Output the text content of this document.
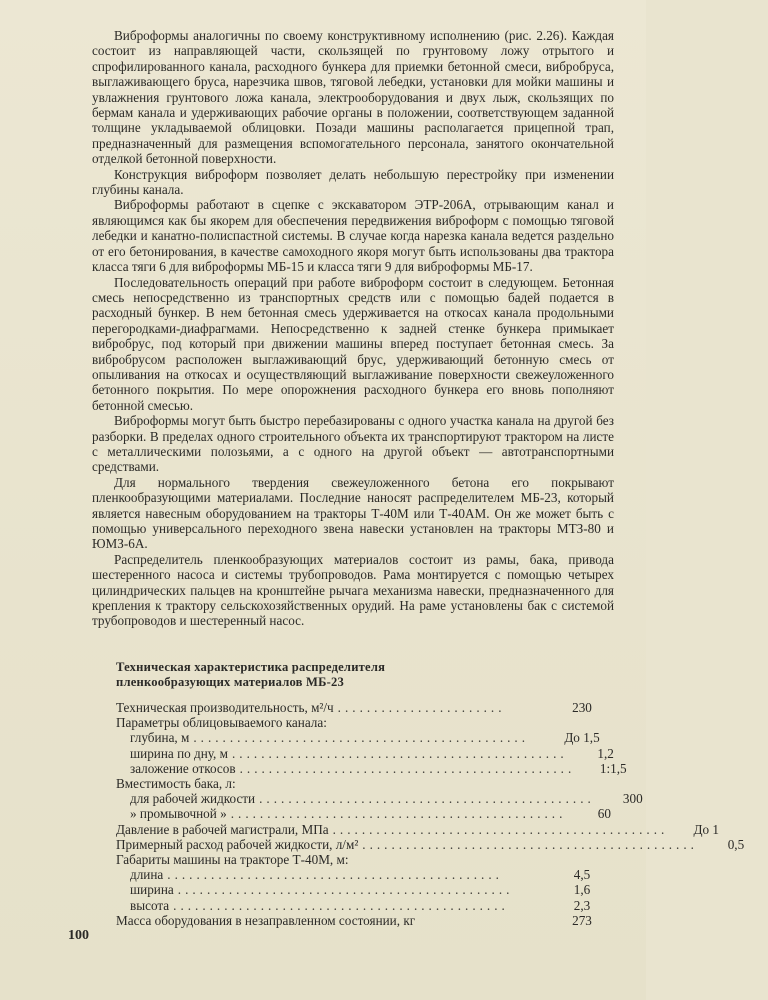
Виброформы аналогичны по своему конструктивному исполнению (рис. 2.26). Каждая состоит из направляющей части, скользящей по грунтовому ложу отрытого и спрофилированного канала, расходного бункера для приемки бетонной смеси, вибробруса, выглаживающего бруса, нарезчика швов, тяговой лебедки, установки для мойки машины и увлажнения грунтового ложа канала, электрооборудования и двух лыж, скользящих по бермам канала и удерживающих рабочие органы в положении, соответствующем заданной толщине укладываемой облицовки. Позади машины располагается прицепной трап, предназначенный для размещения вспомогательного персонала, занятого окончательной отделкой бетонной поверхности.

Конструкция виброформ позволяет делать небольшую перестройку при изменении глубины канала.

Виброформы работают в сцепке с экскаватором ЭТР-206А, отрывающим канал и являющимся как бы якорем для обеспечения передвижения виброформ с помощью тяговой лебедки и канатно-полиспастной системы. В случае когда нарезка канала ведется раздельно от его бетонирования, в качестве самоходного якоря могут быть использованы два трактора класса тяги 6 для виброформы МБ-15 и класса тяги 9 для виброформы МБ-17.

Последовательность операций при работе виброформ состоит в следующем. Бетонная смесь непосредственно из транспортных средств или с помощью бадей подается в расходный бункер. В нем бетонная смесь удерживается на откосах канала продольными перегородками-диафрагмами. Непосредственно к задней стенке бункера примыкает вибробрус, под который при движении машины вперед поступает бетонная смесь. За вибробрусом расположен выглаживающий брус, удерживающий бетонную смесь от опыливания на откосах и осуществляющий выглаживание поверхности свежеуложенного бетонного покрытия. По мере опорожнения расходного бункера его вновь пополняют бетонной смесью.

Виброформы могут быть быстро перебазированы с одного участка канала на другой без разборки. В пределах одного строительного объекта их транспортируют трактором на листе с металлическими полозьями, а с одного на другой объект — автотранспортными средствами.

Для нормального твердения свежеуложенного бетона его покрывают пленкообразующими материалами. Последние наносят распределителем МБ-23, который является навесным оборудованием на тракторы Т-40М или Т-40АМ. Он же может быть с помощью универсального переходного звена навески установлен на тракторы МТЗ-80 и ЮМЗ-6А.

Распределитель пленкообразующих материалов состоит из рамы, бака, привода шестеренного насоса и системы трубопроводов. Рама монтируется с помощью четырех цилиндрических пальцев на кронштейне рычага механизма навески, предназначенного для крепления к трактору сельскохозяйственных орудий. На раме установлены бак с системой трубопроводов и шестеренный насос.

Техническая характеристика распределителя
пленкообразующих материалов МБ-23
Техническая производительность, м²/ч .......................	230
Параметры облицовываемого канала:
глубина, м ..............................................	До 1,5
ширина по дну, м ..............................................	1,2
заложение откосов ..............................................	1:1,5
Вместимость бака, л:
для рабочей жидкости ..............................................	300
» промывочной » ..............................................	60
Давление в рабочей магистрали, МПа ..............................................	До 1
Примерный расход рабочей жидкости, л/м² ..............................................	0,5
Габариты машины на тракторе Т-40М, м:
длина ..............................................	4,5
ширина ..............................................	1,6
высота ..............................................	2,3
Масса оборудования в незаправленном состоянии, кг	273
100
